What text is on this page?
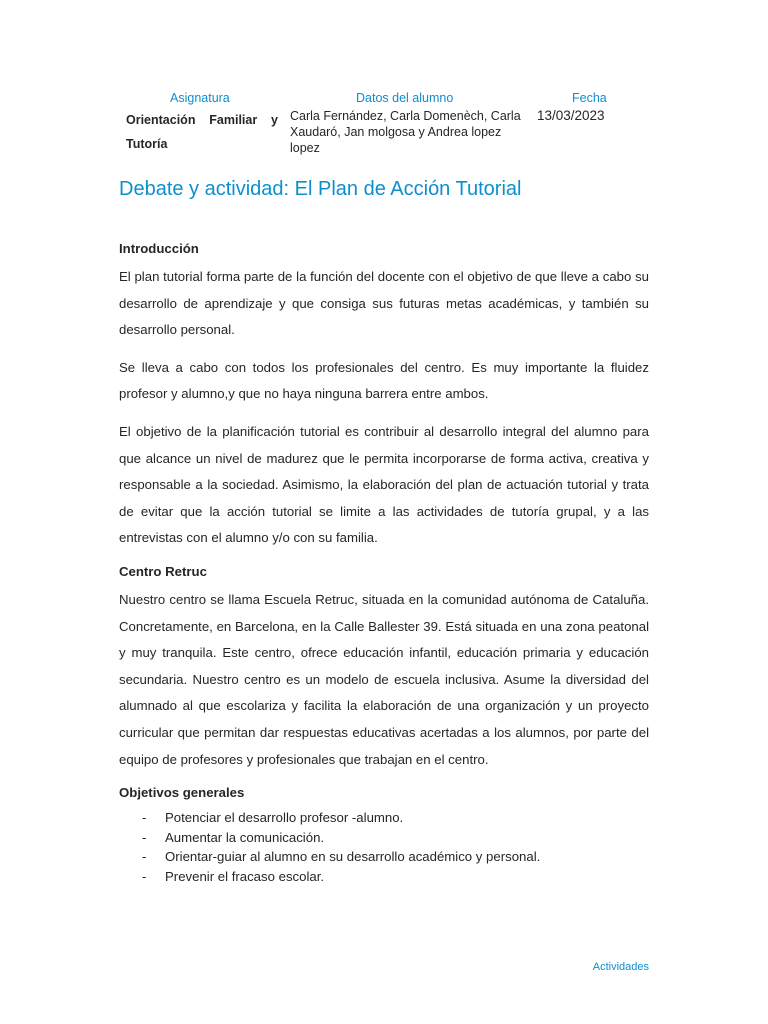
Asignatura	Datos del alumno	Fecha
Orientación Familiar y
Tutoría
Carla Fernández, Carla Domenèch, Carla Xaudaró, Jan molgosa y Andrea lopez lopez
13/03/2023
Debate y actividad: El Plan de Acción Tutorial
Introducción

El plan tutorial forma parte de la función del docente con el objetivo de que lleve a cabo su desarrollo de aprendizaje y que consiga sus futuras metas académicas, y también su desarrollo personal.

Se lleva a cabo con todos los profesionales del centro. Es muy importante la fluidez profesor y alumno,y que no haya ninguna barrera entre ambos.

El objetivo de la planificación tutorial es contribuir al desarrollo integral del alumno para que alcance un nivel de madurez que le permita incorporarse de forma activa, creativa y responsable a la sociedad. Asimismo, la elaboración del plan de actuación tutorial y trata de evitar que la acción tutorial se limite a las actividades de tutoría grupal, y a las entrevistas con el alumno y/o con su familia.

Centro Retruc

Nuestro centro se llama Escuela Retruc, situada en la comunidad autónoma de Cataluña. Concretamente, en Barcelona, en la Calle Ballester 39. Está situada en una zona peatonal y muy tranquila. Este centro, ofrece educación infantil, educación primaria y educación secundaria. Nuestro centro es un modelo de escuela inclusiva. Asume la diversidad del alumnado al que escolariza y facilita la elaboración de una organización y un proyecto curricular que permitan dar respuestas educativas acertadas a los alumnos, por parte del equipo de profesores y profesionales que trabajan en el centro.

Objetivos generales
- Potenciar el desarrollo profesor -alumno.
- Aumentar la comunicación.
- Orientar-guiar al alumno en su desarrollo académico y personal.
- Prevenir el fracaso escolar.
Actividades
